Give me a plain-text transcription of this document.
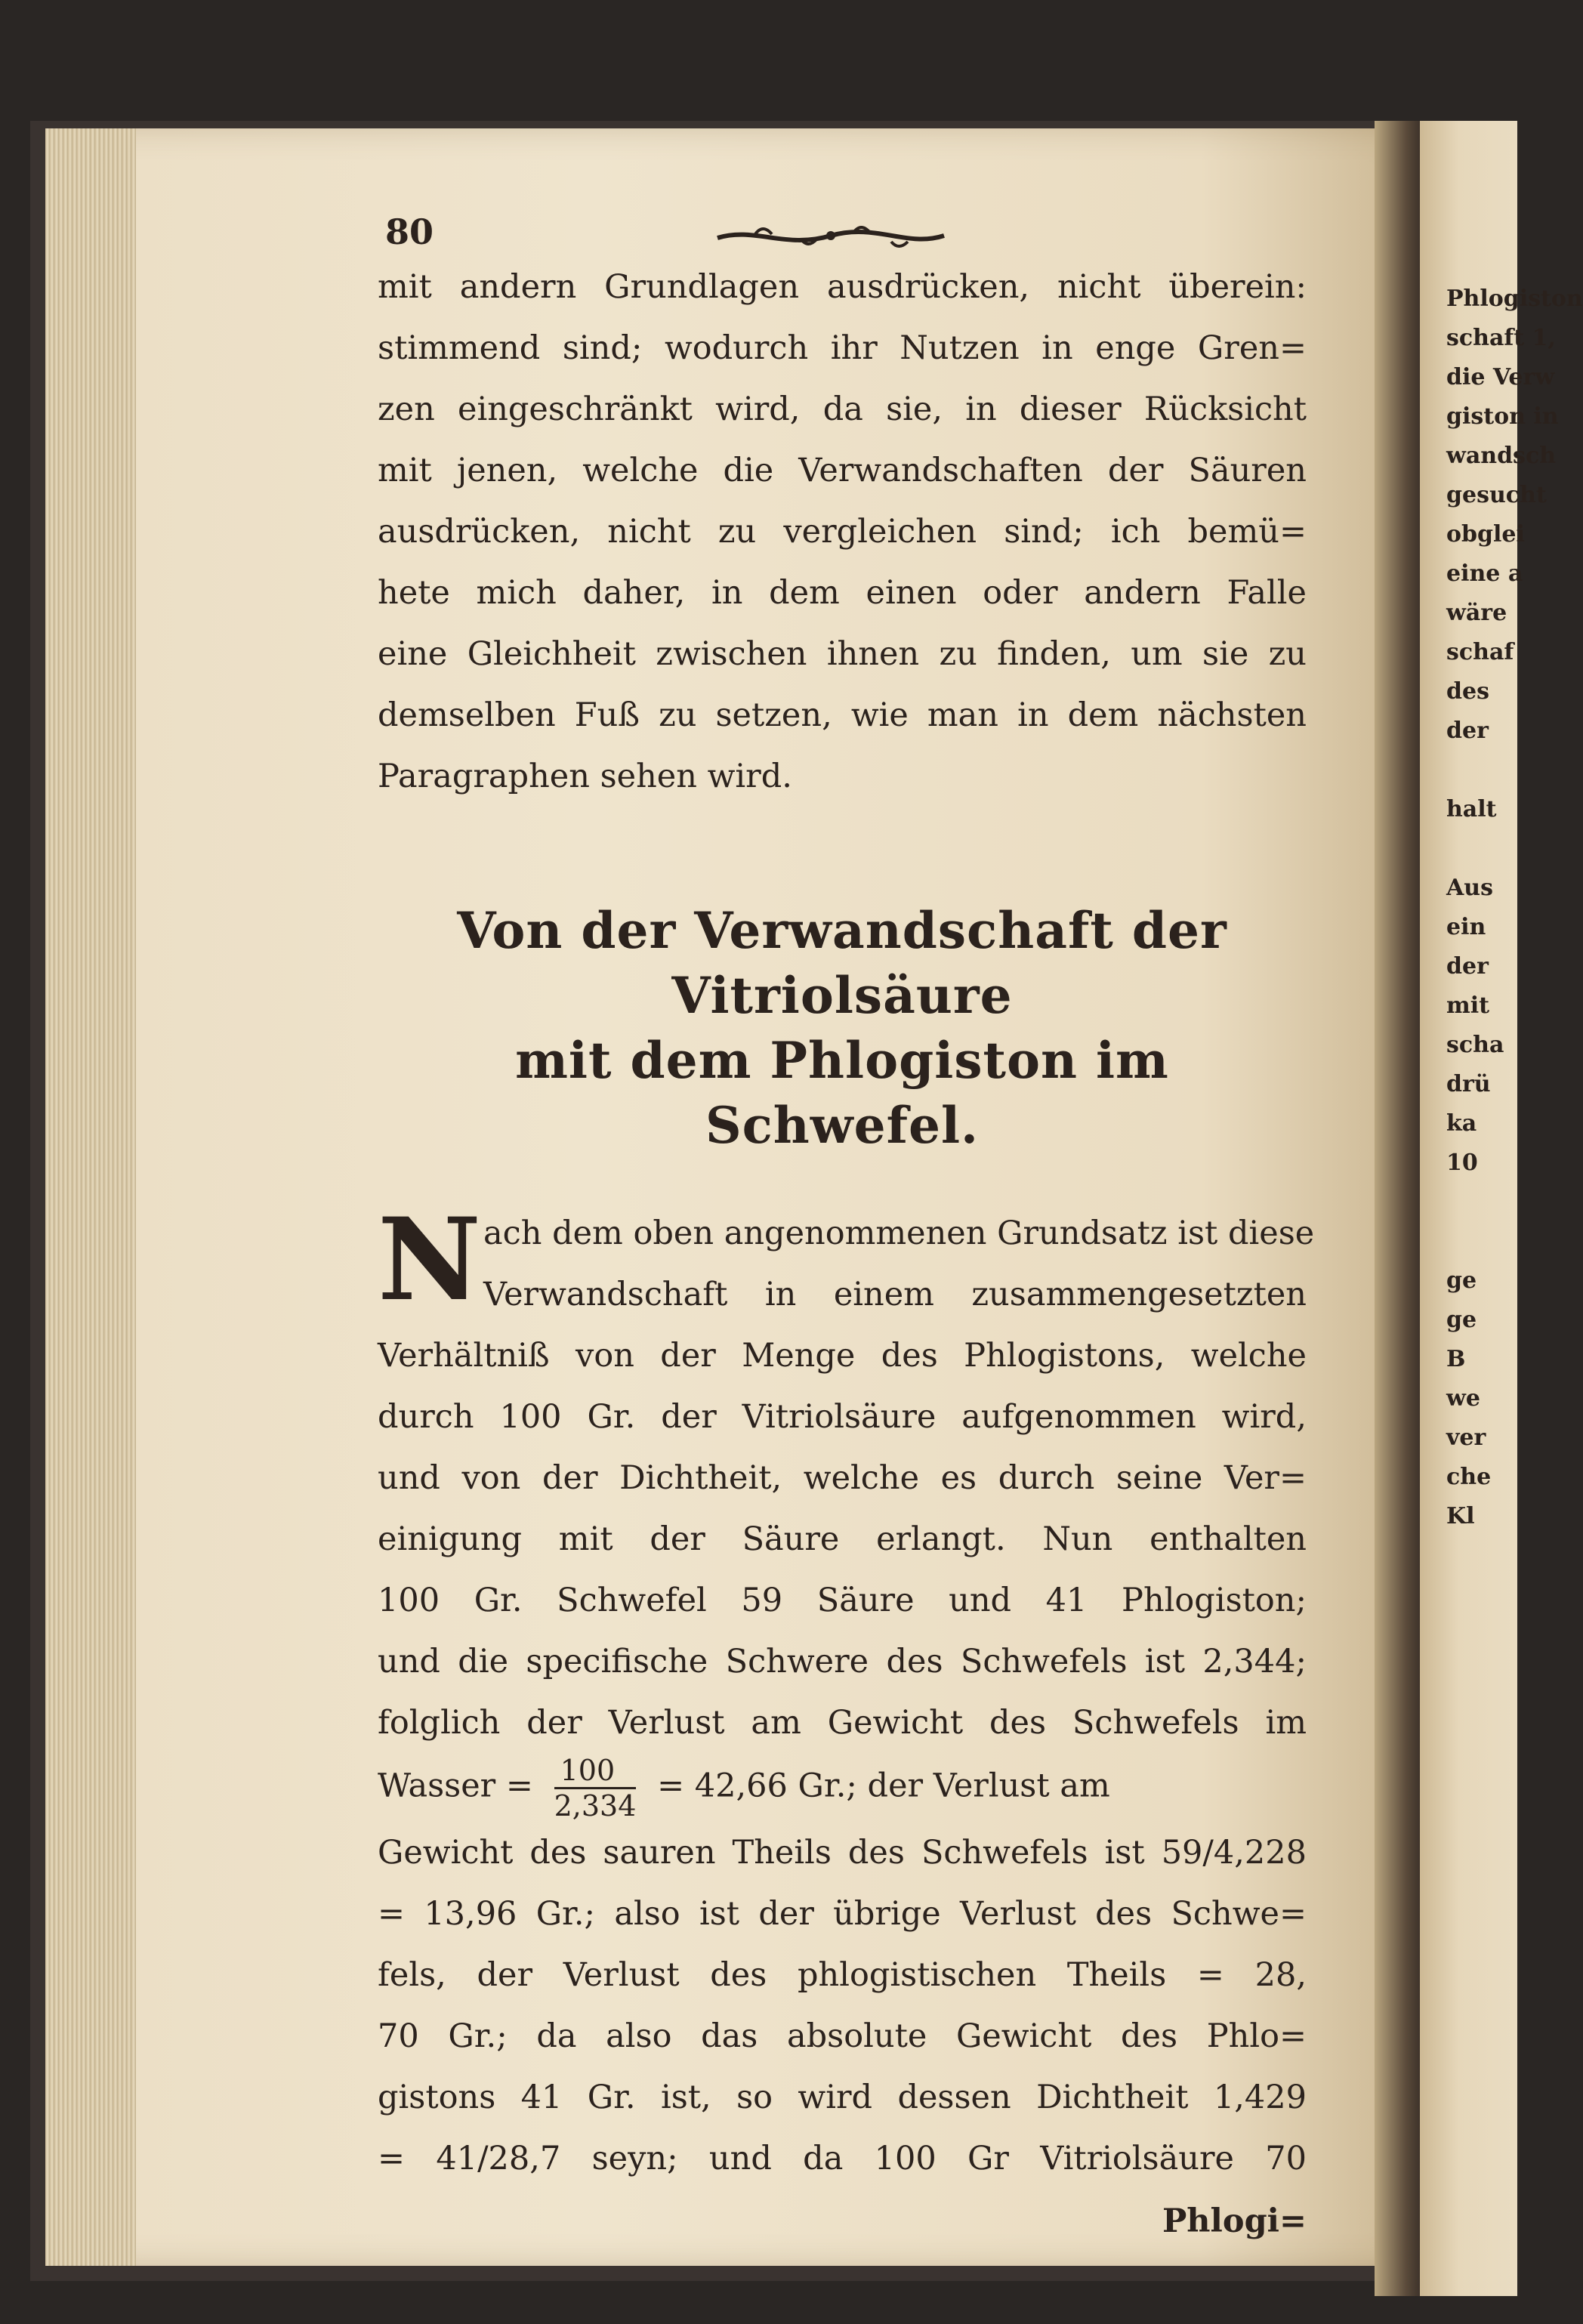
Phlogiston
schaft 1,
die Verw
giston in
wandsch
gesucht
obglei
eine a
wäre
schaf
des
der

halt

Aus
ein
der
mit
scha
drü
ka
10

ge
ge
B
we
ver
che
Kl
80
mit andern Grundlagen ausdrücken, nicht überein:
stimmend sind; wodurch ihr Nutzen in enge Gren=
zen eingeschränkt wird, da sie, in dieser Rücksicht
mit jenen, welche die Verwandschaften der Säuren
ausdrücken, nicht zu vergleichen sind; ich bemü=
hete mich daher, in dem einen oder andern Falle
eine Gleichheit zwischen ihnen zu finden, um sie zu
demselben Fuß zu setzen, wie man in dem nächsten
Paragraphen sehen wird.
Von der Verwandschaft der Vitriolsäure
mit dem Phlogiston im Schwefel.
N ach dem oben angenommenen Grundsatz ist diese
Verwandschaft in einem zusammengesetzten
Verhältniß von der Menge des Phlogistons, welche
durch 100 Gr. der Vitriolsäure aufgenommen wird,
und von der Dichtheit, welche es durch seine Ver=
einigung mit der Säure erlangt. Nun enthalten
100 Gr. Schwefel 59 Säure und 41 Phlogiston;
und die specifische Schwere des Schwefels ist 2,344;
folglich der Verlust am Gewicht des Schwefels im
Wasser = $\frac{100}{2,334} = 42,66$ Gr.; der Verlust am
Gewicht des sauren Theils des Schwefels ist 59/4,228
= 13,96 Gr.; also ist der übrige Verlust des Schwe=
fels, der Verlust des phlogistischen Theils = 28,
70 Gr.; da also das absolute Gewicht des Phlo=
gistons 41 Gr. ist, so wird dessen Dichtheit 1,429
= 41/28,7 seyn; und da 100 Gr Vitriolsäure 70
Phlogi=
